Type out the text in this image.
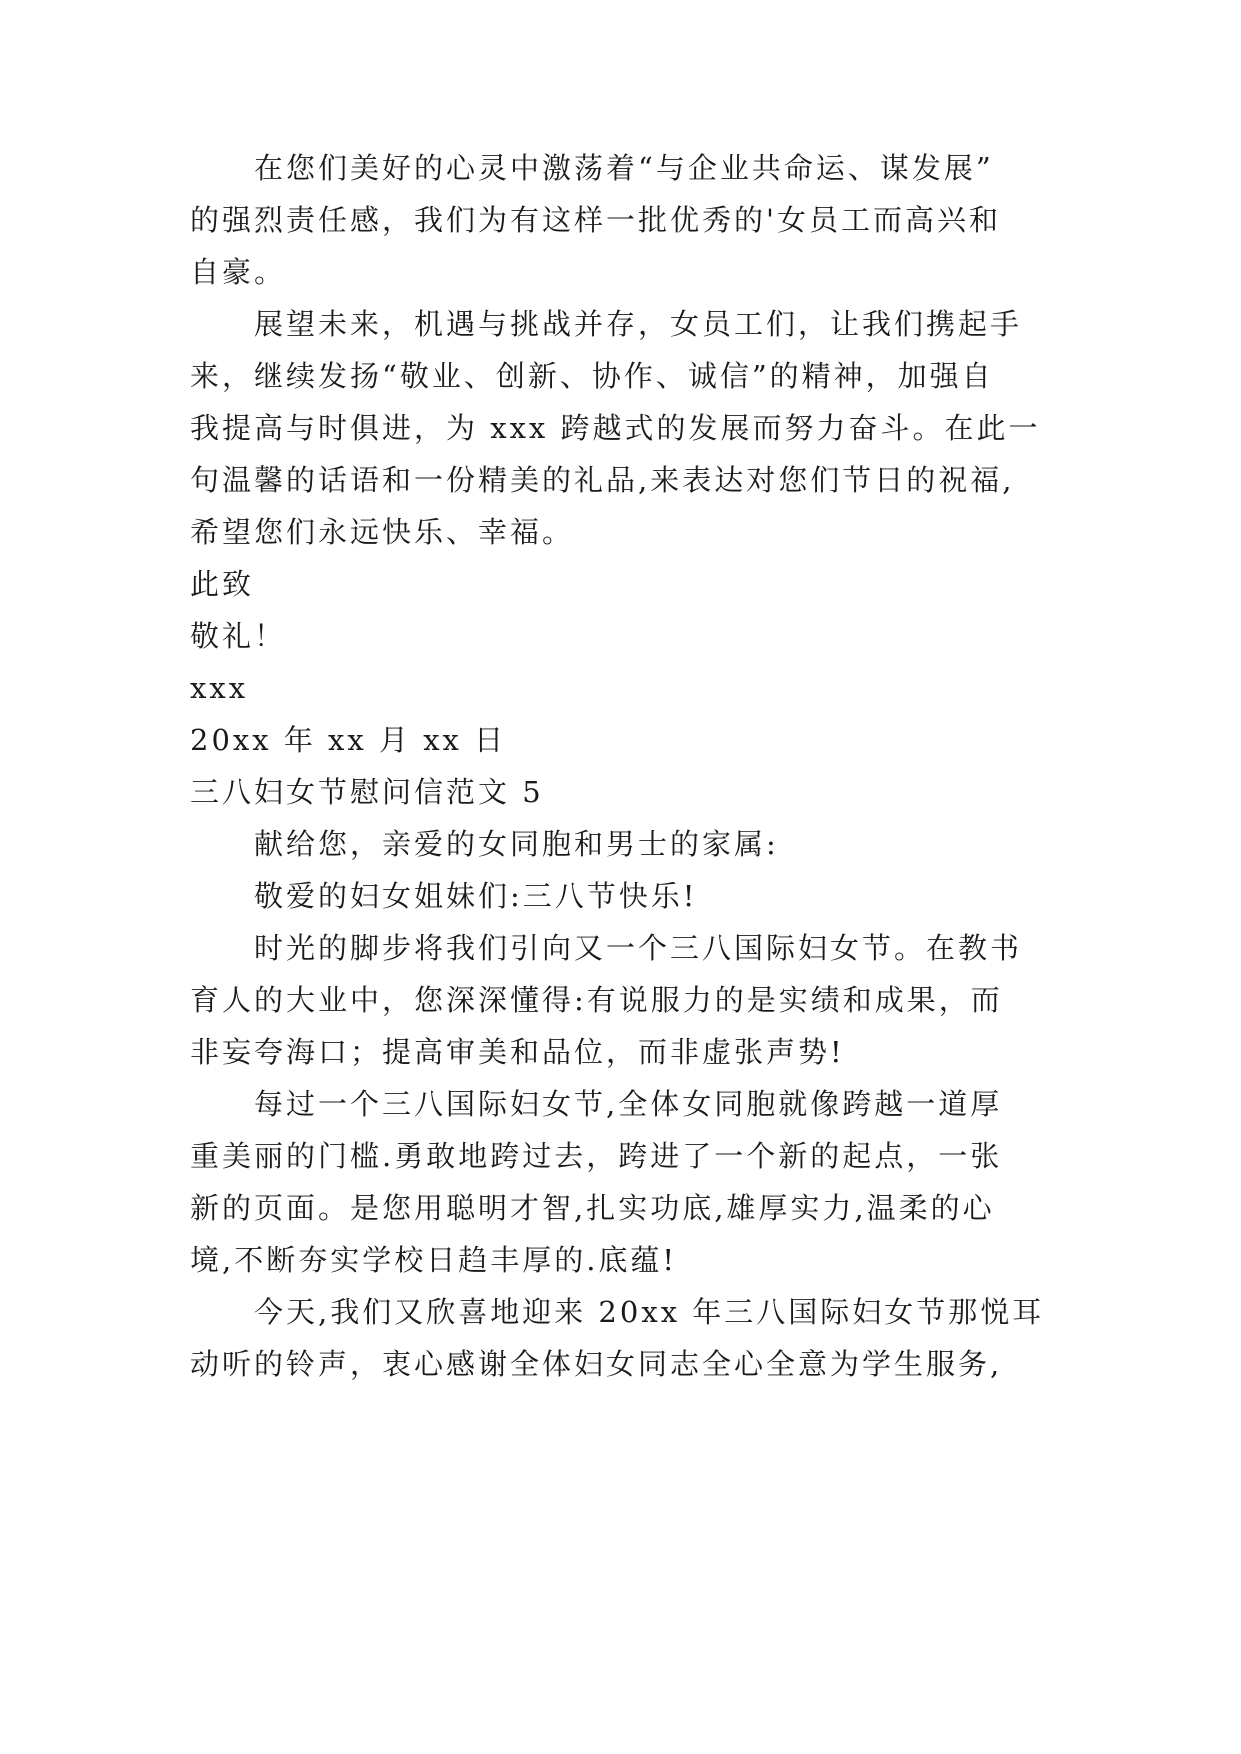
在您们美好的心灵中激荡着“与企业共命运、谋发展”
的强烈责任感，我们为有这样一批优秀的'女员工而高兴和
自豪。
展望未来，机遇与挑战并存，女员工们，让我们携起手
来，继续发扬“敬业、创新、协作、诚信”的精神，加强自
我提高与时俱进，为 xxx 跨越式的发展而努力奋斗。在此一
句温馨的话语和一份精美的礼品,来表达对您们节日的祝福,
希望您们永远快乐、幸福。
此致
敬礼！
xxx
20xx 年 xx 月 xx 日
三八妇女节慰问信范文 5
献给您，亲爱的女同胞和男士的家属:
敬爱的妇女姐妹们:三八节快乐!
时光的脚步将我们引向又一个三八国际妇女节。在教书
育人的大业中，您深深懂得:有说服力的是实绩和成果，而
非妄夸海口；提高审美和品位，而非虚张声势!
每过一个三八国际妇女节,全体女同胞就像跨越一道厚
重美丽的门槛.勇敢地跨过去，跨进了一个新的起点，一张
新的页面。是您用聪明才智,扎实功底,雄厚实力,温柔的心
境,不断夯实学校日趋丰厚的.底蕴!
今天,我们又欣喜地迎来 20xx 年三八国际妇女节那悦耳
动听的铃声，衷心感谢全体妇女同志全心全意为学生服务,
